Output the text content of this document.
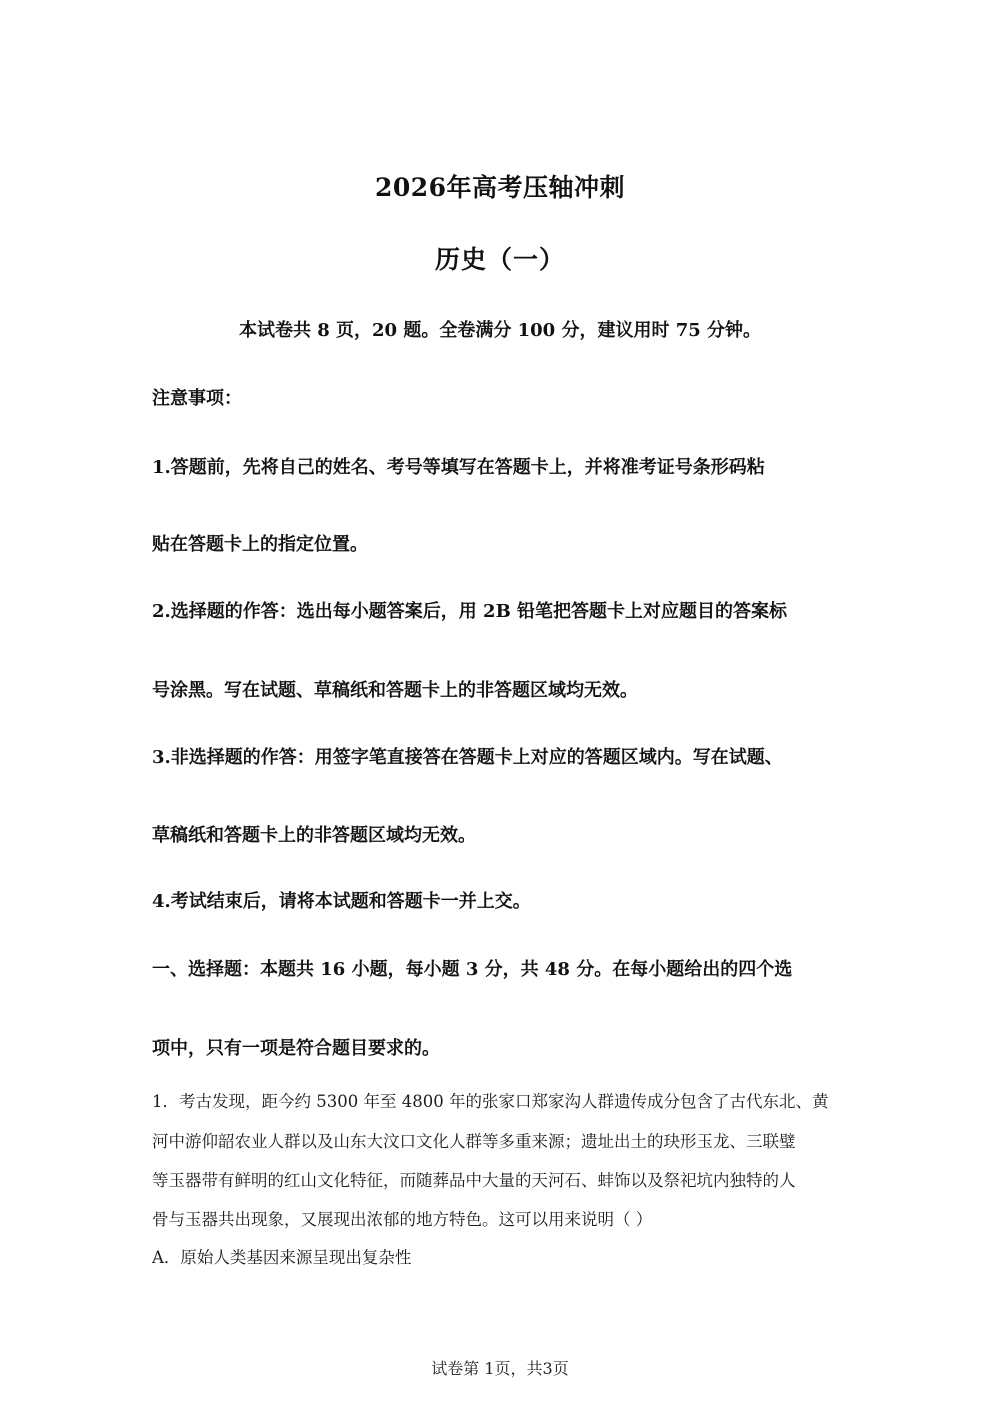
2026年高考压轴冲刺
历史（一）
本试卷共 8 页，20 题。全卷满分 100 分，建议用时 75 分钟。
注意事项：
1.答题前，先将自己的姓名、考号等填写在答题卡上，并将准考证号条形码粘
贴在答题卡上的指定位置。
2.选择题的作答：选出每小题答案后，用 2B 铅笔把答题卡上对应题目的答案标
号涂黑。写在试题、草稿纸和答题卡上的非答题区域均无效。
3.非选择题的作答：用签字笔直接答在答题卡上对应的答题区域内。写在试题、
草稿纸和答题卡上的非答题区域均无效。
4.考试结束后，请将本试题和答题卡一并上交。
一、选择题：本题共 16 小题，每小题 3 分，共 48 分。在每小题给出的四个选
项中，只有一项是符合题目要求的。
1．考古发现，距今约 5300 年至 4800 年的张家口郑家沟人群遗传成分包含了古代东北、黄
河中游仰韶农业人群以及山东大汶口文化人群等多重来源；遗址出土的玦形玉龙、三联璧
等玉器带有鲜明的红山文化特征，而随葬品中大量的天河石、蚌饰以及祭祀坑内独特的人
骨与玉器共出现象，又展现出浓郁的地方特色。这可以用来说明（ ）
A．原始人类基因来源呈现出复杂性
试卷第 1页，共3页
